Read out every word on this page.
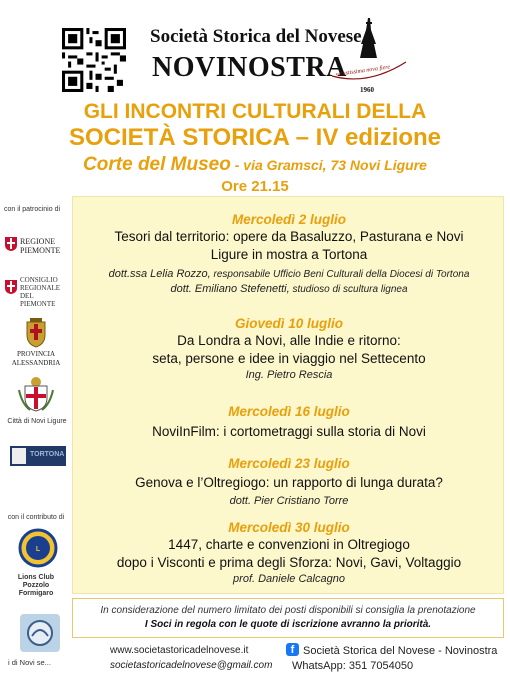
Società Storica del Novese
NOVINOSTRA
vetustissima nova fiere
1960
GLI INCONTRI CULTURALI DELLA
SOCIETÀ STORICA – IV edizione
Corte del Museo - via Gramsci, 73 Novi Ligure
Ore 21.15
con il patrocinio di
REGIONE PIEMONTE
CONSIGLIO
REGIONALE
DEL PIEMONTE
PROVINCIA
ALESSANDRIA
Città di Novi Ligure
TORTONA
con il contributo di
L
Lions Club Pozzolo Formigaro
i di Novi se...
Mercoledì 2 luglio
Tesori dal territorio: opere da Basaluzzo, Pasturana e Novi
Ligure in mostra a Tortona
dott.ssa Lelia Rozzo, responsabile Ufficio Beni Culturali della Diocesi di Tortona
dott. Emiliano Stefenetti, studioso di scultura lignea
Giovedì 10 luglio
Da Londra a Novi, alle Indie e ritorno:
seta, persone e idee in viaggio nel Settecento
Ing. Pietro Rescia
Mercoledì 16 luglio
NoviInFilm: i cortometraggi sulla storia di Novi
Mercoledì 23 luglio
Genova e l’Oltregiogo: un rapporto di lunga durata?
dott. Pier Cristiano Torre
Mercoledì 30 luglio
1447, charte e convenzioni in Oltregiogo
dopo i Visconti e prima degli Sforza: Novi, Gavi, Voltaggio
prof. Daniele Calcagno
In considerazione del numero limitato dei posti disponibili si consiglia la prenotazione
I Soci in regola con le quote di iscrizione avranno la priorità.
www.societastoricadelnovese.it
societastoricadelnovese@gmail.com
f Società Storica del Novese - Novinostra
WhatsApp: 351 7054050
